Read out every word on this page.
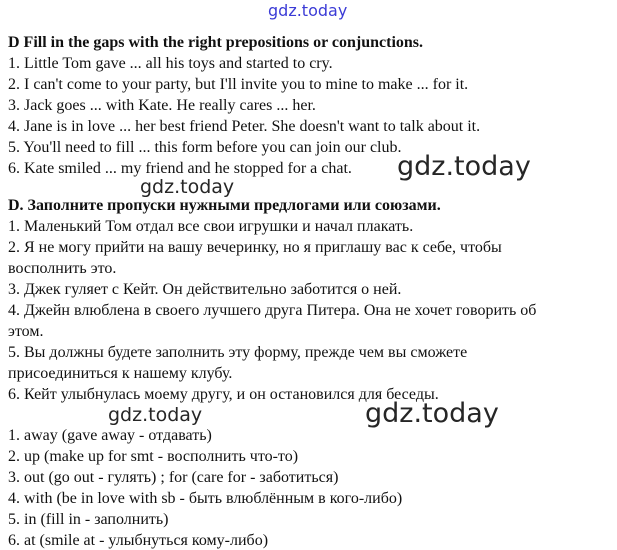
gdz.today
D Fill in the gaps with the right prepositions or conjunctions.
1. Little Tom gave ... all his toys and started to cry.
2. I can't come to your party, but I'll invite you to mine to make ... for it.
3. Jack goes ... with Kate. He really cares ... her.
4. Jane is in love ... her best friend Peter. She doesn't want to talk about it.
5. You'll need to fill ... this form before you can join our club.
6. Kate smiled ... my friend and he stopped for a chat.	gdz.today
gdz.today
D. Заполните пропуски нужными предлогами или союзами.
1. Маленький Том отдал все свои игрушки и начал плакать.
2. Я не могу прийти на вашу вечеринку, но я приглашу вас к себе, чтобы
восполнить это.
3. Джек гуляет с Кейт. Он действительно заботится о ней.
4. Джейн влюблена в своего лучшего друга Питера. Она не хочет говорить об
этом.
5. Вы должны будете заполнить эту форму, прежде чем вы сможете
присоединиться к нашему клубу.
6. Кейт улыбнулась моему другу, и он остановился для беседы.
gdz.today
gdz.today
1. away (gave away - отдавать)
2. up (make up for smt - восполнить что-то)
3. out (go out - гулять) ; for (care for - заботиться)
4. with (be in love with sb - быть влюблённым в кого-либо)
5. in (fill in - заполнить)
6. at (smile at - улыбнуться кому-либо)
